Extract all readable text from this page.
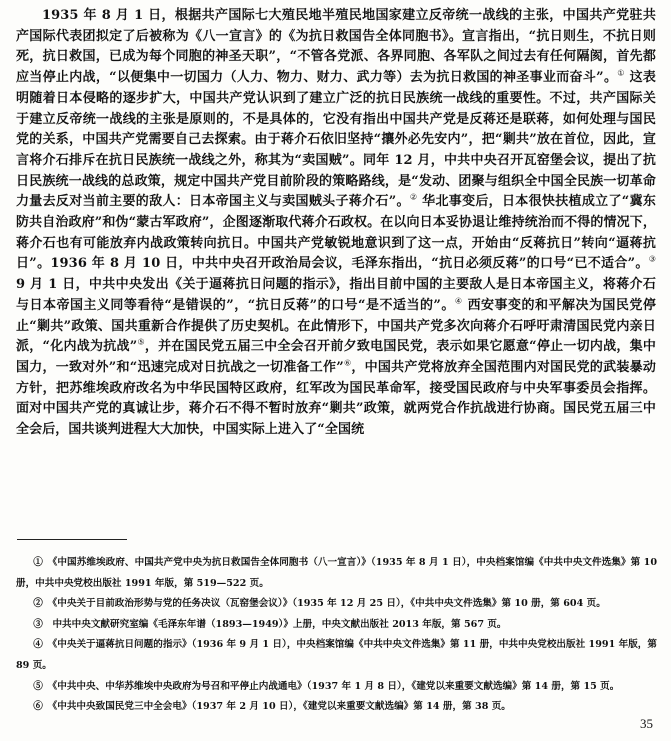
1935 年 8 月 1 日，根据共产国际七大殖民地半殖民地国家建立反帝统一战线的主张，中国共产党驻共产国际代表团拟定了后被称为《八一宣言》的《为抗日救国告全体同胞书》。宣言指出，“抗日则生，不抗日则死，抗日救国，已成为每个同胞的神圣天职”，“不管各党派、各界同胞、各军队之间过去有任何隔阂，首先都应当停止内战，“以便集中一切国力（人力、物力、财力、武力等）去为抗日救国的神圣事业而奋斗”。① 这表明随着日本侵略的逐步扩大，中国共产党认识到了建立广泛的抗日民族统一战线的重要性。不过，共产国际关于建立反帝统一战线的主张是原则的，不是具体的，它没有指出中国共产党是反蒋还是联蒋，如何处理与国民党的关系，中国共产党需要自己去探索。由于蒋介石依旧坚持“攘外必先安内”，把“剿共”放在首位，因此，宣言将介石排斥在抗日民族统一战线之外，称其为“卖国贼”。同年 12 月，中共中央召开瓦窑堡会议，提出了抗日民族统一战线的总政策，规定中国共产党目前阶段的策略路线，是“发动、团聚与组织全中国全民族一切革命力量去反对当前主要的敌人：日本帝国主义与卖国贼头子蒋介石”。② 华北事变后，日本很快扶植成立了“冀东防共自治政府”和伪“蒙古军政府”，企图逐渐取代蒋介石政权。在以向日本妥协退让维持统治而不得的情况下，蒋介石也有可能放弃内战政策转向抗日。中国共产党敏锐地意识到了这一点，开始由“反蒋抗日”转向“逼蒋抗日”。1936 年 8 月 10 日，中共中央召开政治局会议，毛泽东指出，“抗日必须反蒋”的口号“已不适合”。③ 9 月 1 日，中共中央发出《关于逼蒋抗日问题的指示》，指出目前中国的主要敌人是日本帝国主义，将蒋介石与日本帝国主义同等看待“是错误的”，“抗日反蒋”的口号“是不适当的”。④ 西安事变的和平解决为国民党停止“剿共”政策、国共重新合作提供了历史契机。在此情形下，中国共产党多次向蒋介石呼吁肃清国民党内亲日派，“化内战为抗战”⑤，并在国民党五届三中全会召开前夕致电国民党，表示如果它愿意“停止一切内战，集中国力，一致对外”和“迅速完成对日抗战之一切准备工作”⑥，中国共产党将放弃全国范围内对国民党的武装暴动方针，把苏维埃政府改名为中华民国特区政府，红军改为国民革命军，接受国民政府与中央军事委员会指挥。面对中国共产党的真诚让步，蒋介石不得不暂时放弃“剿共”政策，就两党合作抗战进行协商。国民党五届三中全会后，国共谈判进程大大加快，中国实际上进入了“全国统

①　《中国苏维埃政府、中国共产党中央为抗日救国告全体同胞书（八一宣言）》（1935 年 8 月 1 日），中央档案馆编《中共中央文件选集》第 10 册，中共中央党校出版社 1991 年版，第 519—522 页。

②　《中央关于目前政治形势与党的任务决议（瓦窑堡会议）》（1935 年 12 月 25 日），《中共中央文件选集》第 10 册，第 604 页。

③　中共中央文献研究室编《毛泽东年谱（1893—1949）》上册，中央文献出版社 2013 年版，第 567 页。

④　《中央关于逼蒋抗日问题的指示》（1936 年 9 月 1 日），中央档案馆编《中共中央文件选集》第 11 册，中共中央党校出版社 1991 年版，第 89 页。

⑤　《中共中央、中华苏维埃中央政府为号召和平停止内战通电》（1937 年 1 月 8 日），《建党以来重要文献选编》第 14 册，第 15 页。

⑥　《中共中央致国民党三中全会电》（1937 年 2 月 10 日），《建党以来重要文献选编》第 14 册，第 38 页。

35
